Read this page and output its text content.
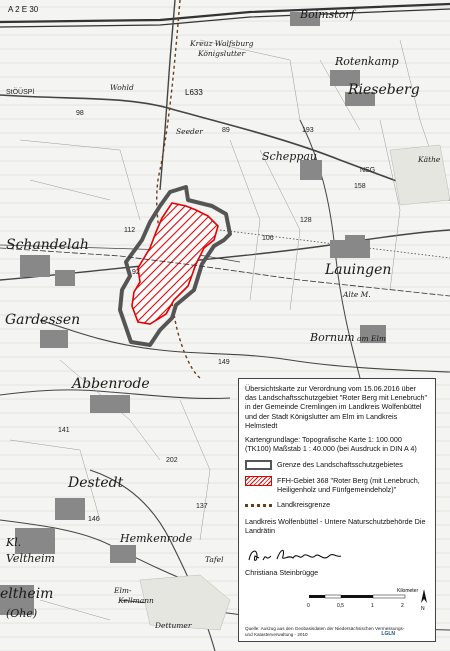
A 2 E 30
L633
Boimstorf
Rotenkamp
Rieseberg
Scheppau
Schandelah
Lauingen
Gardessen
Bornum am Elm
Abbenrode
Destedt
Hemkenrode
Kl.
Veltheim
eltheim
(Ohe)
Kreuz Wolfsburg
Königslutter
Wohld
Seeder
Alte M.
Käthe
NSG
Elm-
Kellmann
Tafel
Dettumer
StÖÜSPl
98
112
106
158
128
149
141
202
146
137
89
92
193
Übersichtskarte zur Verordnung vom 15.06.2016 über das Landschaftsschutzgebiet "Roter Berg mit Lenebruch" in der Gemeinde Cremlingen im Landkreis Wolfenbüttel und der Stadt Königslutter am Elm im Landkreis Helmstedt
Kartengrundlage: Topografische Karte 1: 100.000 (TK100) Maßstab 1 : 40.000 (bei Ausdruck in DIN A 4)
Grenze des Landschaftsschutzgebietes
FFH-Gebiet 368 "Roter Berg (mit Lenebruch, Heiligenholz und Fünfgemeindeholz)"
Landkreisgrenze
Landkreis Wolfenbüttel - Untere Naturschutzbehörde Die Landrätin
Christiana Steinbrügge
0	0,5	1	2
Kilometer
N
Quelle: Auszug aus den Geobasisdaten der Niedersächsischen Vermessungs- und Katasterverwaltung - 2010	LGLN
